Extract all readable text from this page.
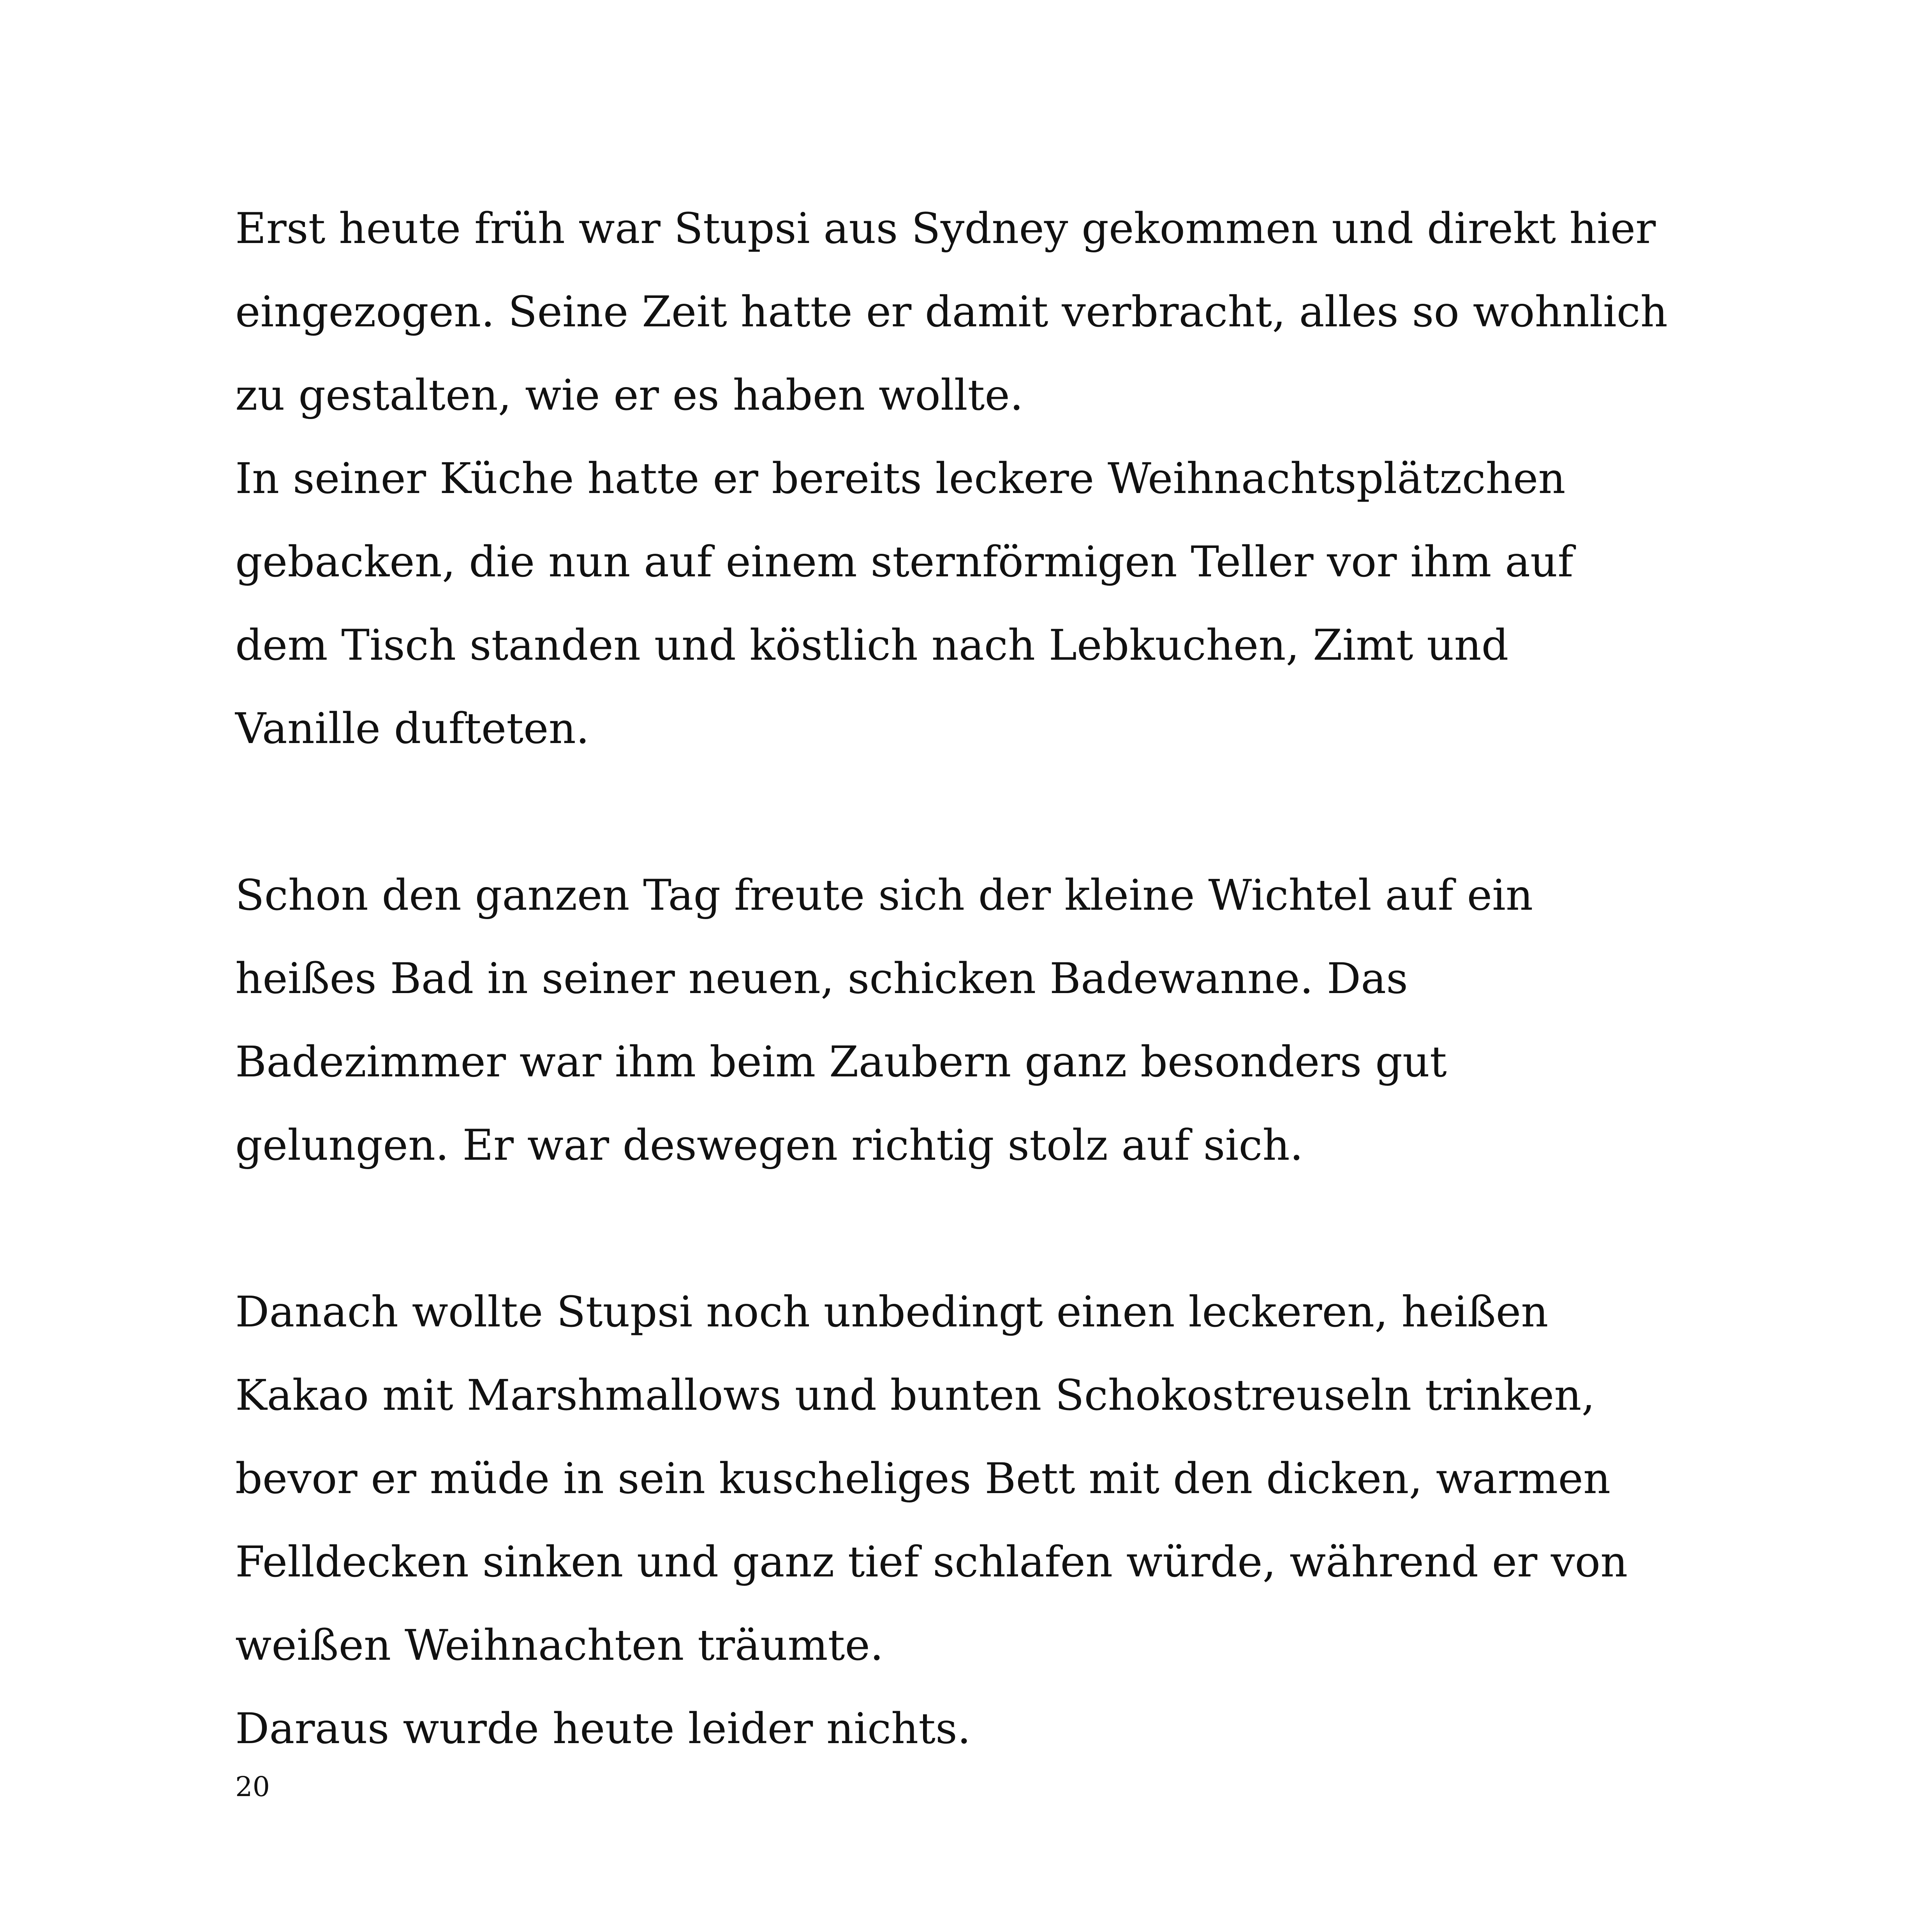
Erst heute früh war Stupsi aus Sydney gekommen und direkt hier
eingezogen. Seine Zeit hatte er damit verbracht, alles so wohnlich
zu gestalten, wie er es haben wollte.
In seiner Küche hatte er bereits leckere Weihnachtsplätzchen
gebacken, die nun auf einem sternförmigen Teller vor ihm auf
dem Tisch standen und köstlich nach Lebkuchen, Zimt und
Vanille dufteten.

Schon den ganzen Tag freute sich der kleine Wichtel auf ein
heißes Bad in seiner neuen, schicken Badewanne. Das
Badezimmer war ihm beim Zaubern ganz besonders gut
gelungen. Er war deswegen richtig stolz auf sich.

Danach wollte Stupsi noch unbedingt einen leckeren, heißen
Kakao mit Marshmallows und bunten Schokostreuseln trinken,
bevor er müde in sein kuscheliges Bett mit den dicken, warmen
Felldecken sinken und ganz tief schlafen würde, während er von
weißen Weihnachten träumte.
Daraus wurde heute leider nichts.

20
